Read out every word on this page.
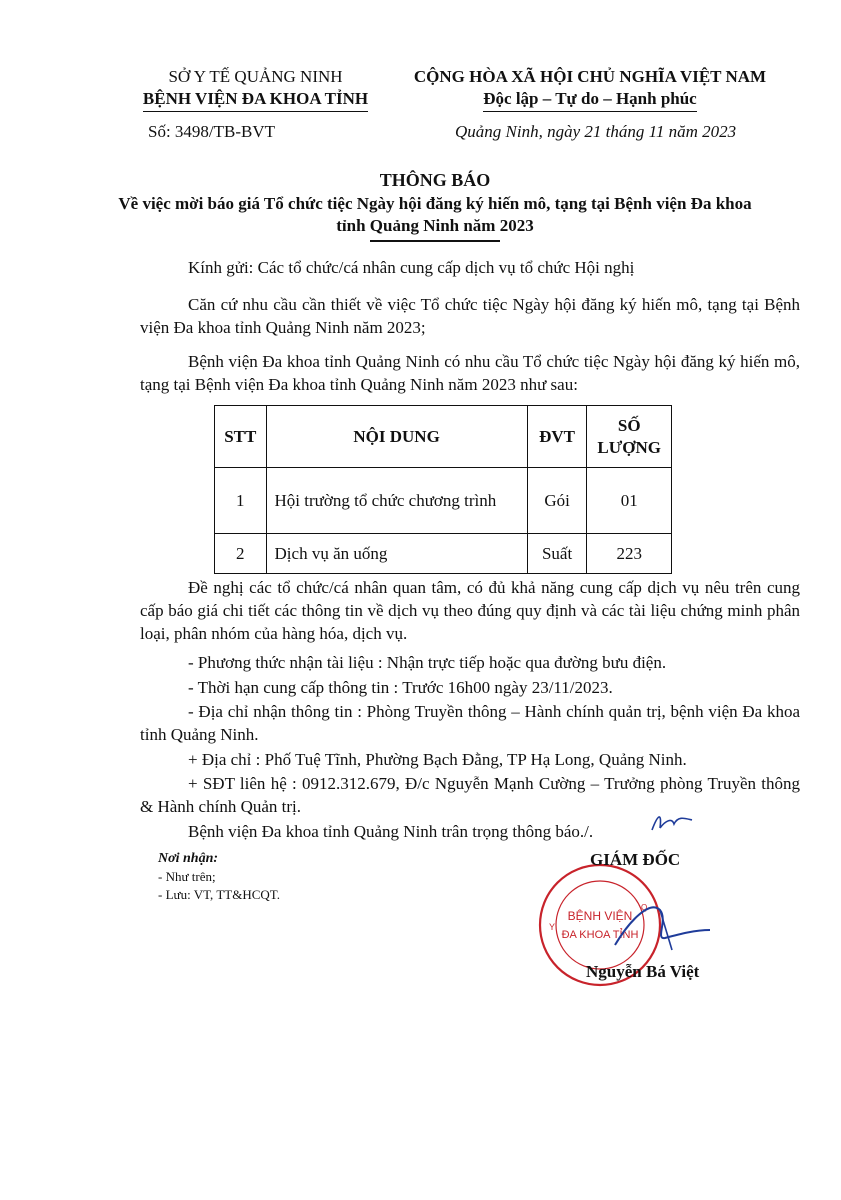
SỞ Y TẾ QUẢNG NINH
BỆNH VIỆN ĐA KHOA TỈNH
CỘNG HÒA XÃ HỘI CHỦ NGHĨA VIỆT NAM
Độc lập – Tự do – Hạnh phúc
Số: 3498/TB-BVT	Quảng Ninh, ngày 21 tháng 11 năm 2023
THÔNG BÁO
Về việc mời báo giá Tổ chức tiệc Ngày hội đăng ký hiến mô, tạng tại Bệnh viện Đa khoa tỉnh Quảng Ninh năm 2023
Kính gửi: Các tổ chức/cá nhân cung cấp dịch vụ tổ chức Hội nghị
Căn cứ nhu cầu cần thiết về việc Tổ chức tiệc Ngày hội đăng ký hiến mô, tạng tại Bệnh viện Đa khoa tỉnh Quảng Ninh năm 2023;
Bệnh viện Đa khoa tỉnh Quảng Ninh có nhu cầu Tổ chức tiệc Ngày hội đăng ký hiến mô, tạng tại Bệnh viện Đa khoa tỉnh Quảng Ninh năm 2023 như sau:
STT	NỘI DUNG	ĐVT	SỐ LƯỢNG
1	Hội trường tổ chức chương trình	Gói	01
2	Dịch vụ ăn uống	Suất	223
Đề nghị các tổ chức/cá nhân quan tâm, có đủ khả năng cung cấp dịch vụ nêu trên cung cấp báo giá chi tiết các thông tin về dịch vụ theo đúng quy định và các tài liệu chứng minh phân loại, phân nhóm của hàng hóa, dịch vụ.
- Phương thức nhận tài liệu : Nhận trực tiếp hoặc qua đường bưu điện.
- Thời hạn cung cấp thông tin : Trước 16h00 ngày 23/11/2023.
- Địa chỉ nhận thông tin : Phòng Truyền thông – Hành chính quản trị, bệnh viện Đa khoa tỉnh Quảng Ninh.
+ Địa chỉ : Phố Tuệ Tĩnh, Phường Bạch Đằng, TP Hạ Long, Quảng Ninh.
+ SĐT liên hệ : 0912.312.679, Đ/c Nguyễn Mạnh Cường – Trưởng phòng Truyền thông & Hành chính Quản trị.
Bệnh viện Đa khoa tỉnh Quảng Ninh trân trọng thông báo./.
Nơi nhận:
- Như trên;
- Lưu: VT, TT&HCQT.
BỆNH VIỆN
ĐA KHOA TỈNH
Y
Q
GIÁM ĐỐC
Nguyễn Bá Việt
